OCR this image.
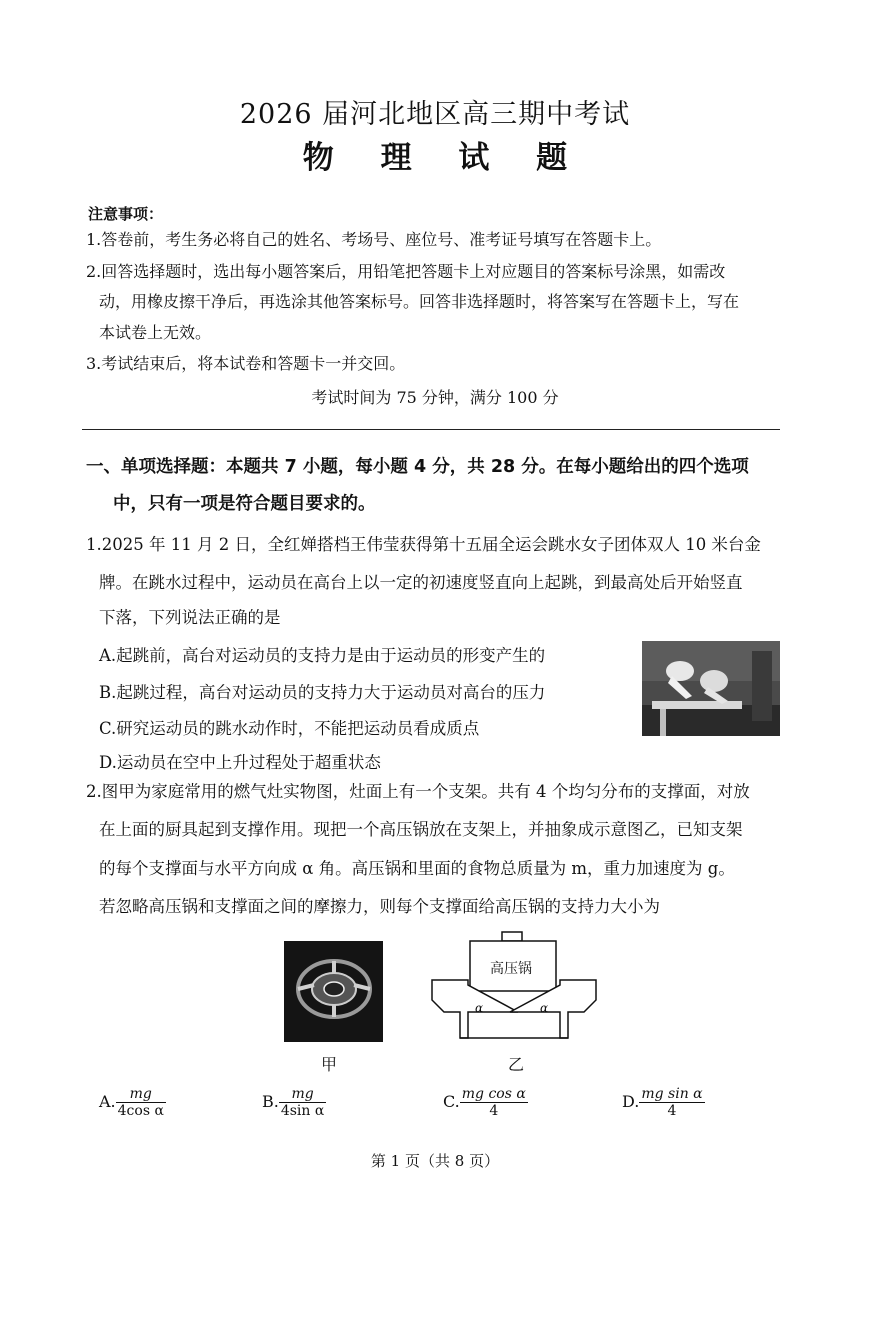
2026 届河北地区高三期中考试
物 理 试 题
注意事项：
1.答卷前，考生务必将自己的姓名、考场号、座位号、准考证号填写在答题卡上。
2.回答选择题时，选出每小题答案后，用铅笔把答题卡上对应题目的答案标号涂黑，如需改
动，用橡皮擦干净后，再选涂其他答案标号。回答非选择题时，将答案写在答题卡上，写在
本试卷上无效。
3.考试结束后，将本试卷和答题卡一并交回。
考试时间为 75 分钟，满分 100 分
一、单项选择题：本题共 7 小题，每小题 4 分，共 28 分。在每小题给出的四个选项
中，只有一项是符合题目要求的。
1.2025 年 11 月 2 日，全红婵搭档王伟莹获得第十五届全运会跳水女子团体双人 10 米台金
牌。在跳水过程中，运动员在高台上以一定的初速度竖直向上起跳，到最高处后开始竖直
下落，下列说法正确的是
A.起跳前，高台对运动员的支持力是由于运动员的形变产生的
B.起跳过程，高台对运动员的支持力大于运动员对高台的压力
C.研究运动员的跳水动作时，不能把运动员看成质点
D.运动员在空中上升过程处于超重状态
2.图甲为家庭常用的燃气灶实物图，灶面上有一个支架。共有 4 个均匀分布的支撑面，对放
在上面的厨具起到支撑作用。现把一个高压锅放在支架上，并抽象成示意图乙，已知支架
的每个支撑面与水平方向成 α 角。高压锅和里面的食物总质量为 m，重力加速度为 g。
若忽略高压锅和支撑面之间的摩擦力，则每个支撑面给高压锅的支持力大小为
甲
α	α
高压锅
乙
A. $\frac{mg}{\text{4cos α}}$	B. $\frac{mg}{\text{4sin α}}$	C. $\frac{\text{mg cos α}}{4}$	D. $\frac{\text{mg sin α}}{4}$
第 1 页（共 8 页）
